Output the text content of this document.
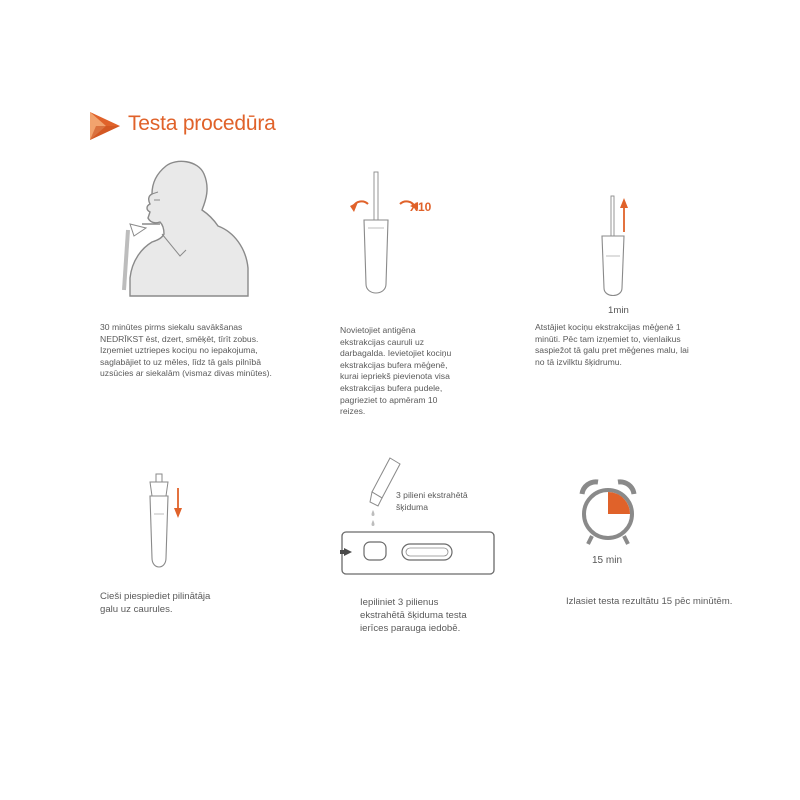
Testa procedūra
30 minūtes pirms siekalu savākšanas
NEDRĪKST ēst, dzert, smēķēt, tīrīt zobus.
Izņemiet uztriepes kociņu no iepakojuma,
saglabājiet to uz mēles, līdz tā gals pilnībā
uzsūcies ar siekalām (vismaz divas minūtes).
X10
Novietojiet antigēna
ekstrakcijas cauruli uz
darbagalda. Ievietojiet kociņu
ekstrakcijas bufera mēģenē,
kurai iepriekš pievienota visa
ekstrakcijas bufera pudele,
pagrieziet to apmēram 10
reizes.
1min
Atstājiet kociņu ekstrakcijas mēģenē 1
minūti. Pēc tam izņemiet to, vienlaikus
saspiežot tā galu pret mēģenes malu, lai
no tā izvilktu šķidrumu.
Cieši piespiediet pilinātāja
galu uz caurules.
3 pilieni ekstrahētā
šķiduma
Iepiliniet 3 pilienus
ekstrahētā šķiduma testa
ierīces parauga iedobē.
15 min
Izlasiet testa rezultātu 15 pēc minūtēm.
